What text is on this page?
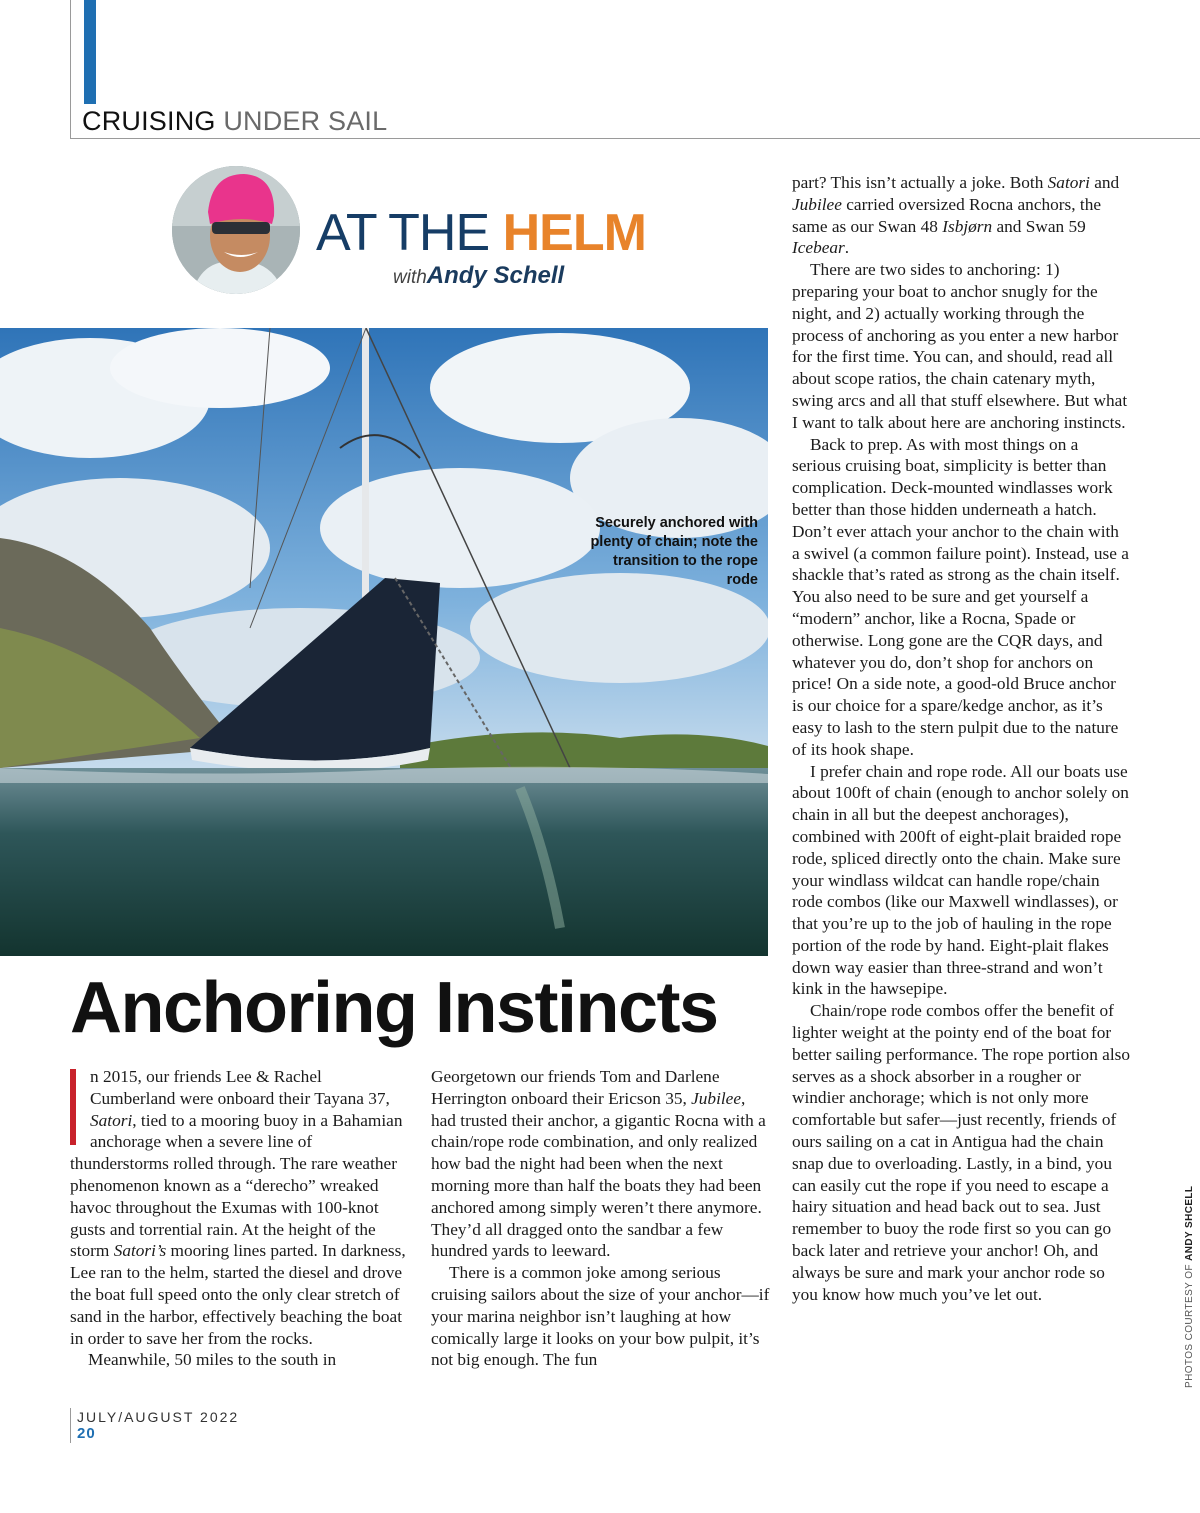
CRUISING UNDER SAIL
AT THE HELM
withAndy Schell
Securely anchored with plenty of chain; note the transition to the rope rode
Anchoring Instincts

n 2015, our friends Lee & Rachel Cumberland were onboard their Tayana 37, Satori, tied to a mooring buoy in a Bahamian anchorage when a severe line of thunderstorms rolled through. The rare weather phenomenon known as a “derecho” wreaked havoc throughout the Exumas with 100-knot gusts and torrential rain. At the height of the storm Satori’s mooring lines parted. In darkness, Lee ran to the helm, started the diesel and drove the boat full speed onto the only clear stretch of sand in the harbor, effectively beaching the boat in order to save her from the rocks.

Meanwhile, 50 miles to the south in

Georgetown our friends Tom and Darlene Herrington onboard their Ericson 35, Jubilee, had trusted their anchor, a gigantic Rocna with a chain/rope rode combination, and only realized how bad the night had been when the next morning more than half the boats they had been anchored among simply weren’t there anymore. They’d all dragged onto the sandbar a few hundred yards to leeward.

There is a common joke among serious cruising sailors about the size of your anchor—if your marina neighbor isn’t laughing at how comically large it looks on your bow pulpit, it’s not big enough. The fun

part? This isn’t actually a joke. Both Satori and Jubilee carried oversized Rocna anchors, the same as our Swan 48 Isbjørn and Swan 59 Icebear.

There are two sides to anchoring: 1) preparing your boat to anchor snugly for the night, and 2) actually working through the process of anchoring as you enter a new harbor for the first time. You can, and should, read all about scope ratios, the chain catenary myth, swing arcs and all that stuff elsewhere. But what I want to talk about here are anchoring instincts.

Back to prep. As with most things on a serious cruising boat, simplicity is better than complication. Deck-mounted windlasses work better than those hidden underneath a hatch. Don’t ever attach your anchor to the chain with a swivel (a common failure point). Instead, use a shackle that’s rated as strong as the chain itself. You also need to be sure and get yourself a “modern” anchor, like a Rocna, Spade or otherwise. Long gone are the CQR days, and whatever you do, don’t shop for anchors on price! On a side note, a good-old Bruce anchor is our choice for a spare/kedge anchor, as it’s easy to lash to the stern pulpit due to the nature of its hook shape.

I prefer chain and rope rode. All our boats use about 100ft of chain (enough to anchor solely on chain in all but the deepest anchorages), combined with 200ft of eight-plait braided rope rode, spliced directly onto the chain. Make sure your windlass wildcat can handle rope/chain rode combos (like our Maxwell windlasses), or that you’re up to the job of hauling in the rope portion of the rode by hand. Eight-plait flakes down way easier than three-strand and won’t kink in the hawsepipe.

Chain/rope rode combos offer the benefit of lighter weight at the pointy end of the boat for better sailing performance. The rope portion also serves as a shock absorber in a rougher or windier anchorage; which is not only more comfortable but safer—just recently, friends of ours sailing on a cat in Antigua had the chain snap due to overloading. Lastly, in a bind, you can easily cut the rope if you need to escape a hairy situation and head back out to sea. Just remember to buoy the rode first so you can go back later and retrieve your anchor! Oh, and always be sure and mark your anchor rode so you know how much you’ve let out.	PHOTOS COURTESY OF ANDY SHCELL
JULY/AUGUST 2022
20
